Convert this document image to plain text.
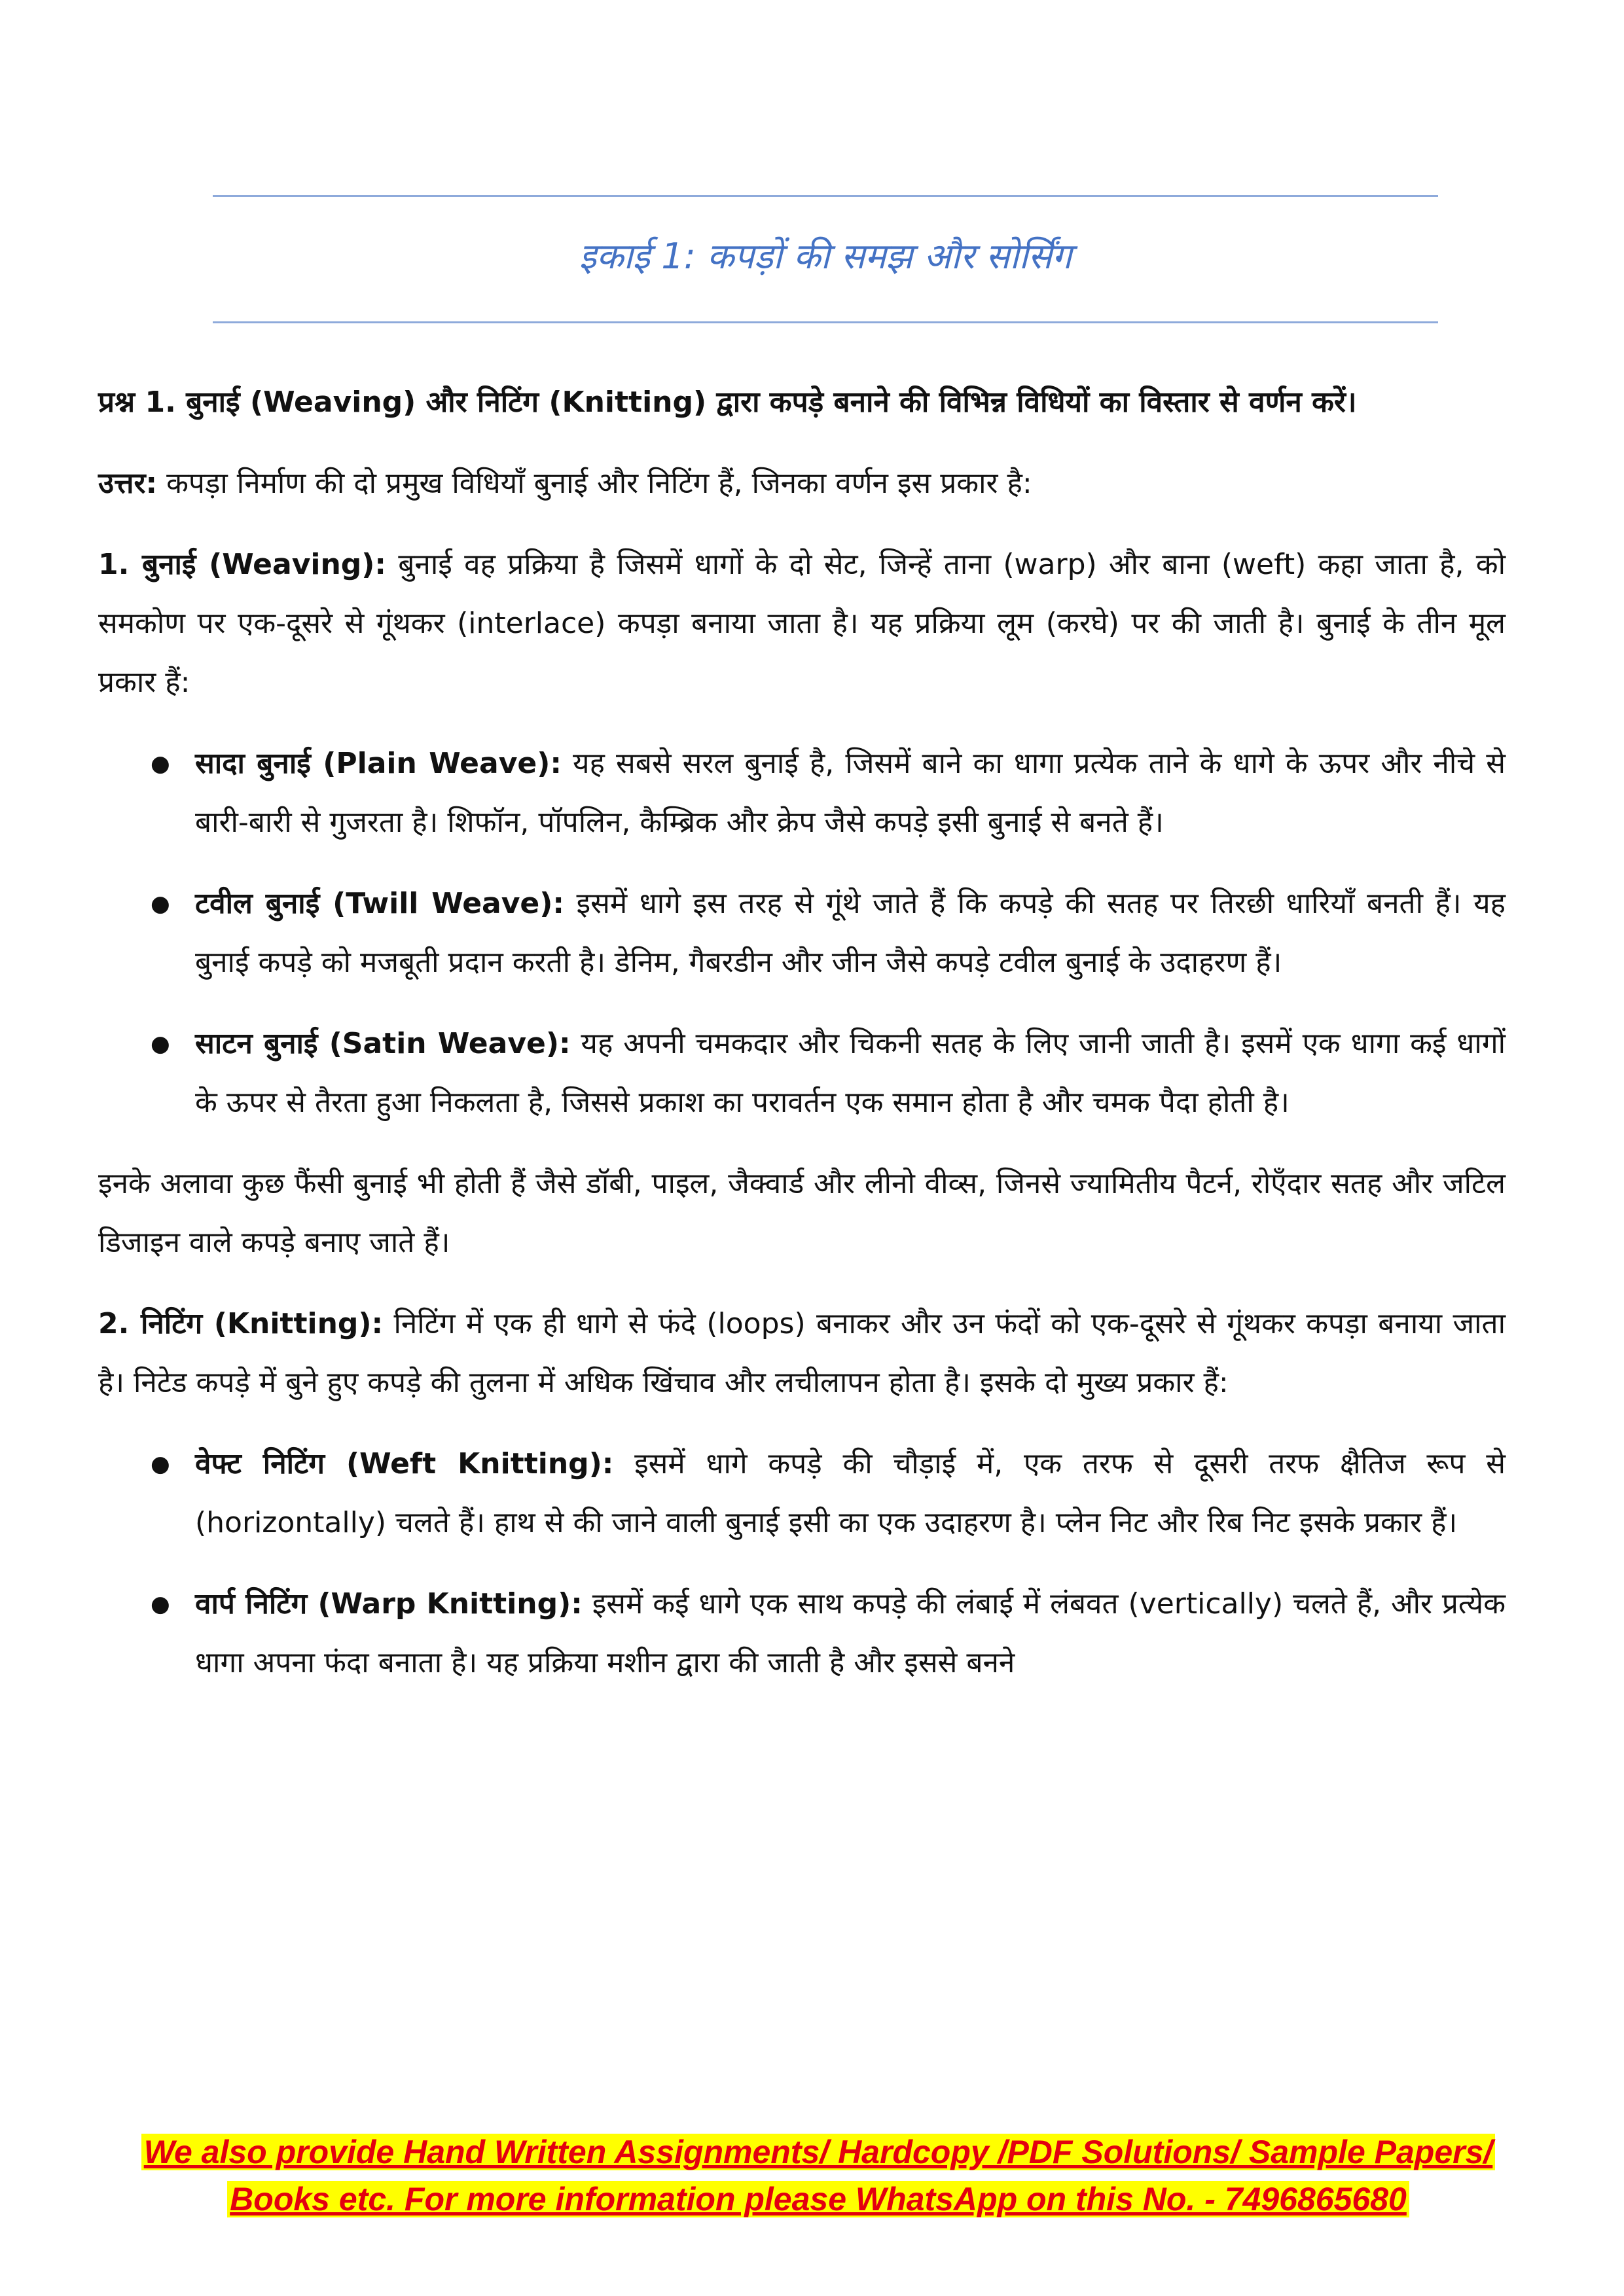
इकाई 1: कपड़ों की समझ और सोर्सिंग

प्रश्न 1. बुनाई (Weaving) और निटिंग (Knitting) द्वारा कपड़े बनाने की विभिन्न विधियों का विस्तार से वर्णन करें।

उत्तर: कपड़ा निर्माण की दो प्रमुख विधियाँ बुनाई और निटिंग हैं, जिनका वर्णन इस प्रकार है:

1. बुनाई (Weaving): बुनाई वह प्रक्रिया है जिसमें धागों के दो सेट, जिन्हें ताना (warp) और बाना (weft) कहा जाता है, को समकोण पर एक-दूसरे से गूंथकर (interlace) कपड़ा बनाया जाता है। यह प्रक्रिया लूम (करघे) पर की जाती है। बुनाई के तीन मूल प्रकार हैं:

● सादा बुनाई (Plain Weave): यह सबसे सरल बुनाई है, जिसमें बाने का धागा प्रत्येक ताने के धागे के ऊपर और नीचे से बारी-बारी से गुजरता है। शिफॉन, पॉपलिन, कैम्ब्रिक और क्रेप जैसे कपड़े इसी बुनाई से बनते हैं।
● टवील बुनाई (Twill Weave): इसमें धागे इस तरह से गूंथे जाते हैं कि कपड़े की सतह पर तिरछी धारियाँ बनती हैं। यह बुनाई कपड़े को मजबूती प्रदान करती है। डेनिम, गैबरडीन और जीन जैसे कपड़े टवील बुनाई के उदाहरण हैं।
● साटन बुनाई (Satin Weave): यह अपनी चमकदार और चिकनी सतह के लिए जानी जाती है। इसमें एक धागा कई धागों के ऊपर से तैरता हुआ निकलता है, जिससे प्रकाश का परावर्तन एक समान होता है और चमक पैदा होती है।

इनके अलावा कुछ फैंसी बुनाई भी होती हैं जैसे डॉबी, पाइल, जैक्वार्ड और लीनो वीव्स, जिनसे ज्यामितीय पैटर्न, रोएँदार सतह और जटिल डिजाइन वाले कपड़े बनाए जाते हैं।

2. निटिंग (Knitting): निटिंग में एक ही धागे से फंदे (loops) बनाकर और उन फंदों को एक-दूसरे से गूंथकर कपड़ा बनाया जाता है। निटेड कपड़े में बुने हुए कपड़े की तुलना में अधिक खिंचाव और लचीलापन होता है। इसके दो मुख्य प्रकार हैं:

● वेफ्ट निटिंग (Weft Knitting): इसमें धागे कपड़े की चौड़ाई में, एक तरफ से दूसरी तरफ क्षैतिज रूप से (horizontally) चलते हैं। हाथ से की जाने वाली बुनाई इसी का एक उदाहरण है। प्लेन निट और रिब निट इसके प्रकार हैं।
● वार्प निटिंग (Warp Knitting): इसमें कई धागे एक साथ कपड़े की लंबाई में लंबवत (vertically) चलते हैं, और प्रत्येक धागा अपना फंदा बनाता है। यह प्रक्रिया मशीन द्वारा की जाती है और इससे बनने
We also provide Hand Written Assignments/ Hardcopy /PDF Solutions/ Sample Papers/
Books etc. For more information please WhatsApp on this No. - 7496865680
